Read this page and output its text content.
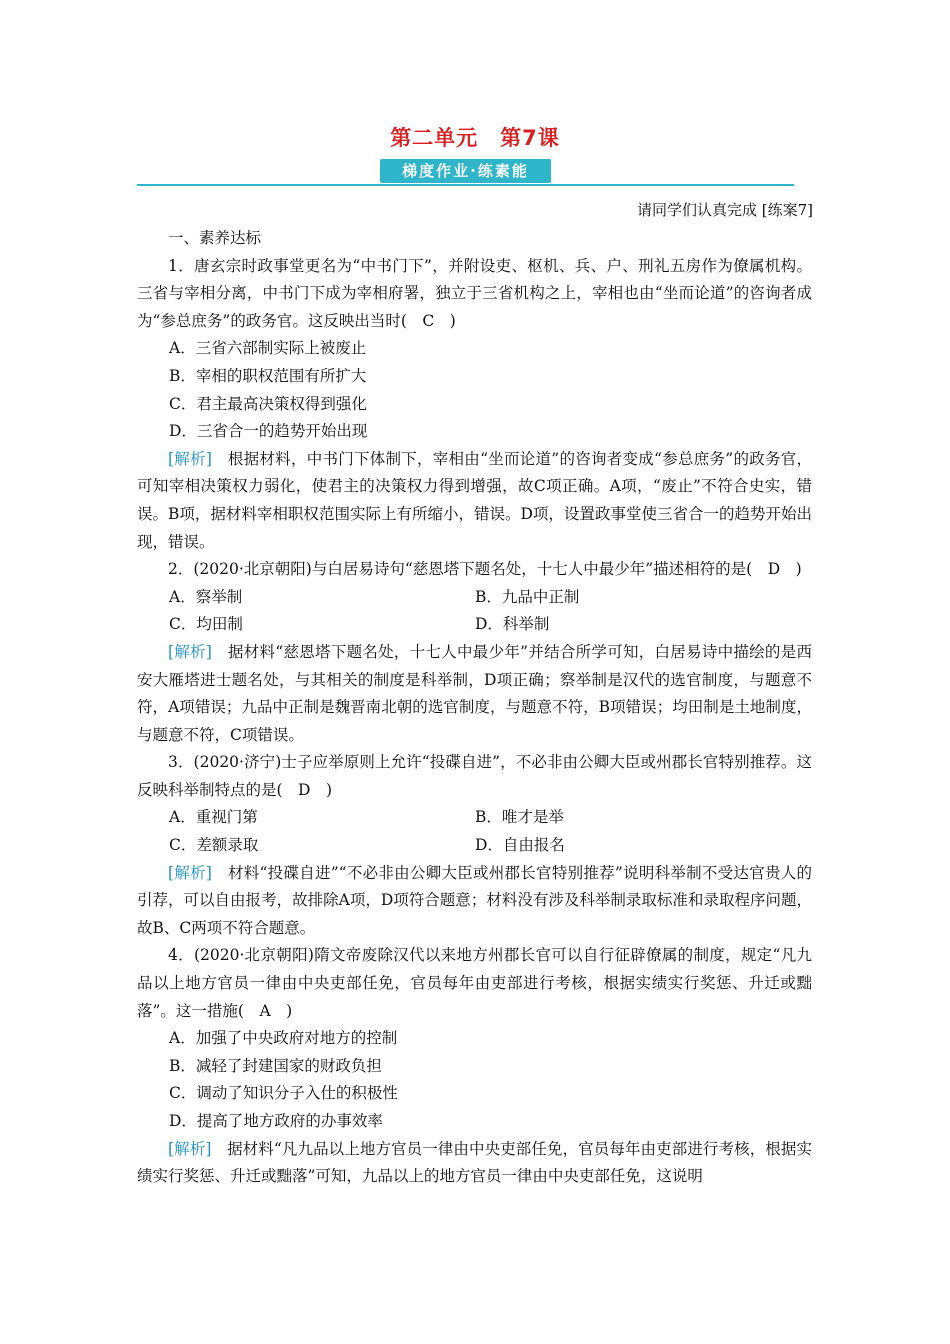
第二单元　第7课
梯度作业·练素能
请同学们认真完成 [练案7]

一、素养达标

1．唐玄宗时政事堂更名为“中书门下”，并附设吏、枢机、兵、户、刑礼五房作为僚属机构。三省与宰相分离，中书门下成为宰相府署，独立于三省机构之上，宰相也由“坐而论道”的咨询者成为“参总庶务”的政务官。这反映出当时(　C　)

A．三省六部制实际上被废止

B．宰相的职权范围有所扩大

C．君主最高决策权得到强化

D．三省合一的趋势开始出现

[解析]　 根据材料，中书门下体制下，宰相由“坐而论道”的咨询者变成“参总庶务”的政务官，可知宰相决策权力弱化，使君主的决策权力得到增强，故C项正确。A项，“废止”不符合史实，错误。B项，据材料宰相职权范围实际上有所缩小，错误。D项，设置政事堂使三省合一的趋势开始出现，错误。

2．(2020·北京朝阳)与白居易诗句“慈恩塔下题名处，十七人中最少年”描述相符的是(　D　)

A．察举制	B．九品中正制
C．均田制	D．科举制

[解析]　 据材料“慈恩塔下题名处，十七人中最少年”并结合所学可知，白居易诗中描绘的是西安大雁塔进士题名处，与其相关的制度是科举制，D项正确；察举制是汉代的选官制度，与题意不符，A项错误；九品中正制是魏晋南北朝的选官制度，与题意不符，B项错误；均田制是土地制度，与题意不符，C项错误。

3．(2020·济宁)士子应举原则上允许“投碟自进”，不必非由公卿大臣或州郡长官特别推荐。这反映科举制特点的是(　D　)

A．重视门第	B．唯才是举
C．差额录取	D．自由报名

[解析]　 材料“投碟自进”“不必非由公卿大臣或州郡长官特别推荐”说明科举制不受达官贵人的引荐，可以自由报考，故排除A项，D项符合题意；材料没有涉及科举制录取标准和录取程序问题，故B、C两项不符合题意。

4．(2020·北京朝阳)隋文帝废除汉代以来地方州郡长官可以自行征辟僚属的制度，规定“凡九品以上地方官员一律由中央吏部任免，官员每年由吏部进行考核，根据实绩实行奖惩、升迁或黜落”。这一措施(　A　)

A．加强了中央政府对地方的控制

B．减轻了封建国家的财政负担

C．调动了知识分子入仕的积极性

D．提高了地方政府的办事效率

[解析]　 据材料“凡九品以上地方官员一律由中央吏部任免，官员每年由吏部进行考核，根据实绩实行奖惩、升迁或黜落”可知，九品以上的地方官员一律由中央吏部任免，这说明
